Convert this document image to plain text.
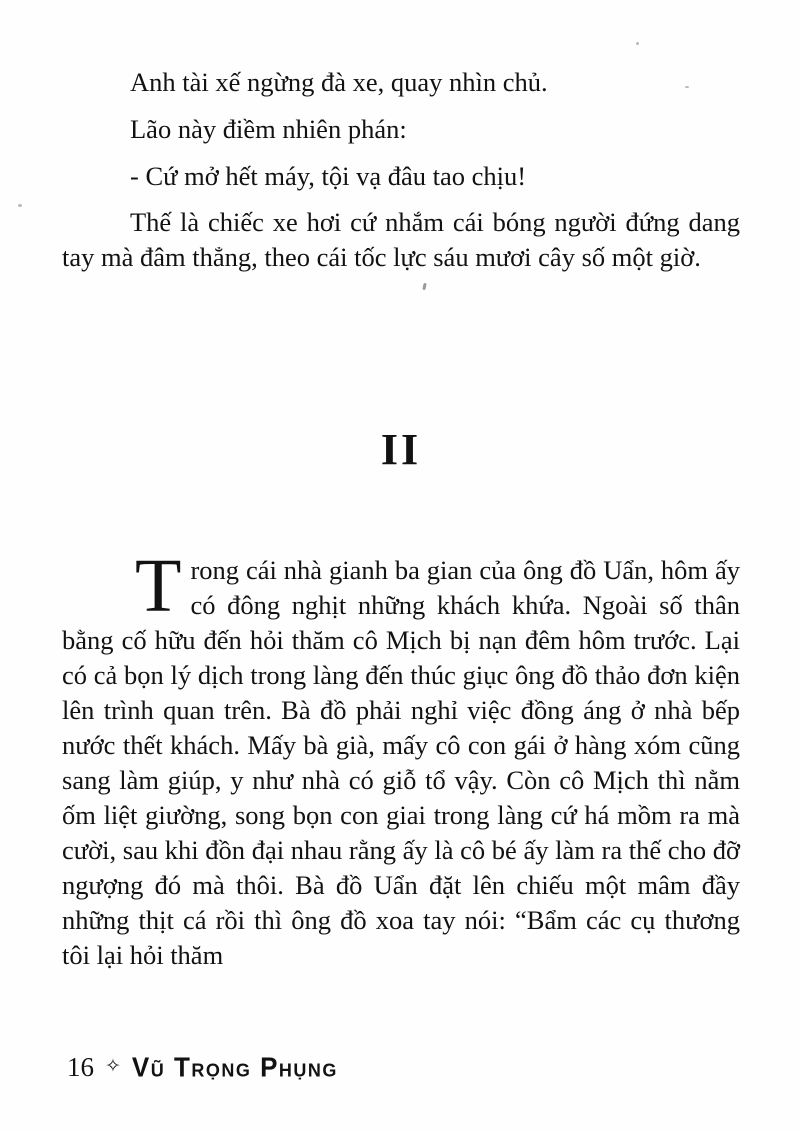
Anh tài xế ngừng đà xe, quay nhìn chủ.

Lão này điềm nhiên phán:

- Cứ mở hết máy, tội vạ đâu tao chịu!

Thế là chiếc xe hơi cứ nhắm cái bóng người đứng dang tay mà đâm thẳng, theo cái tốc lực sáu mươi cây số một giờ.

II

Trong cái nhà gianh ba gian của ông đồ Uẩn, hôm ấy có đông nghịt những khách khứa. Ngoài số thân bằng cố hữu đến hỏi thăm cô Mịch bị nạn đêm hôm trước. Lại có cả bọn lý dịch trong làng đến thúc giục ông đồ thảo đơn kiện lên trình quan trên. Bà đồ phải nghỉ việc đồng áng ở nhà bếp nước thết khách. Mấy bà già, mấy cô con gái ở hàng xóm cũng sang làm giúp, y như nhà có giỗ tổ vậy. Còn cô Mịch thì nằm ốm liệt giường, song bọn con giai trong làng cứ há mồm ra mà cười, sau khi đồn đại nhau rằng ấy là cô bé ấy làm ra thế cho đỡ ngượng đó mà thôi. Bà đồ Uẩn đặt lên chiếu một mâm đầy những thịt cá rồi thì ông đồ xoa tay nói: “Bẩm các cụ thương tôi lại hỏi thăm

16 ✧ Vũ Trọng Phụng
